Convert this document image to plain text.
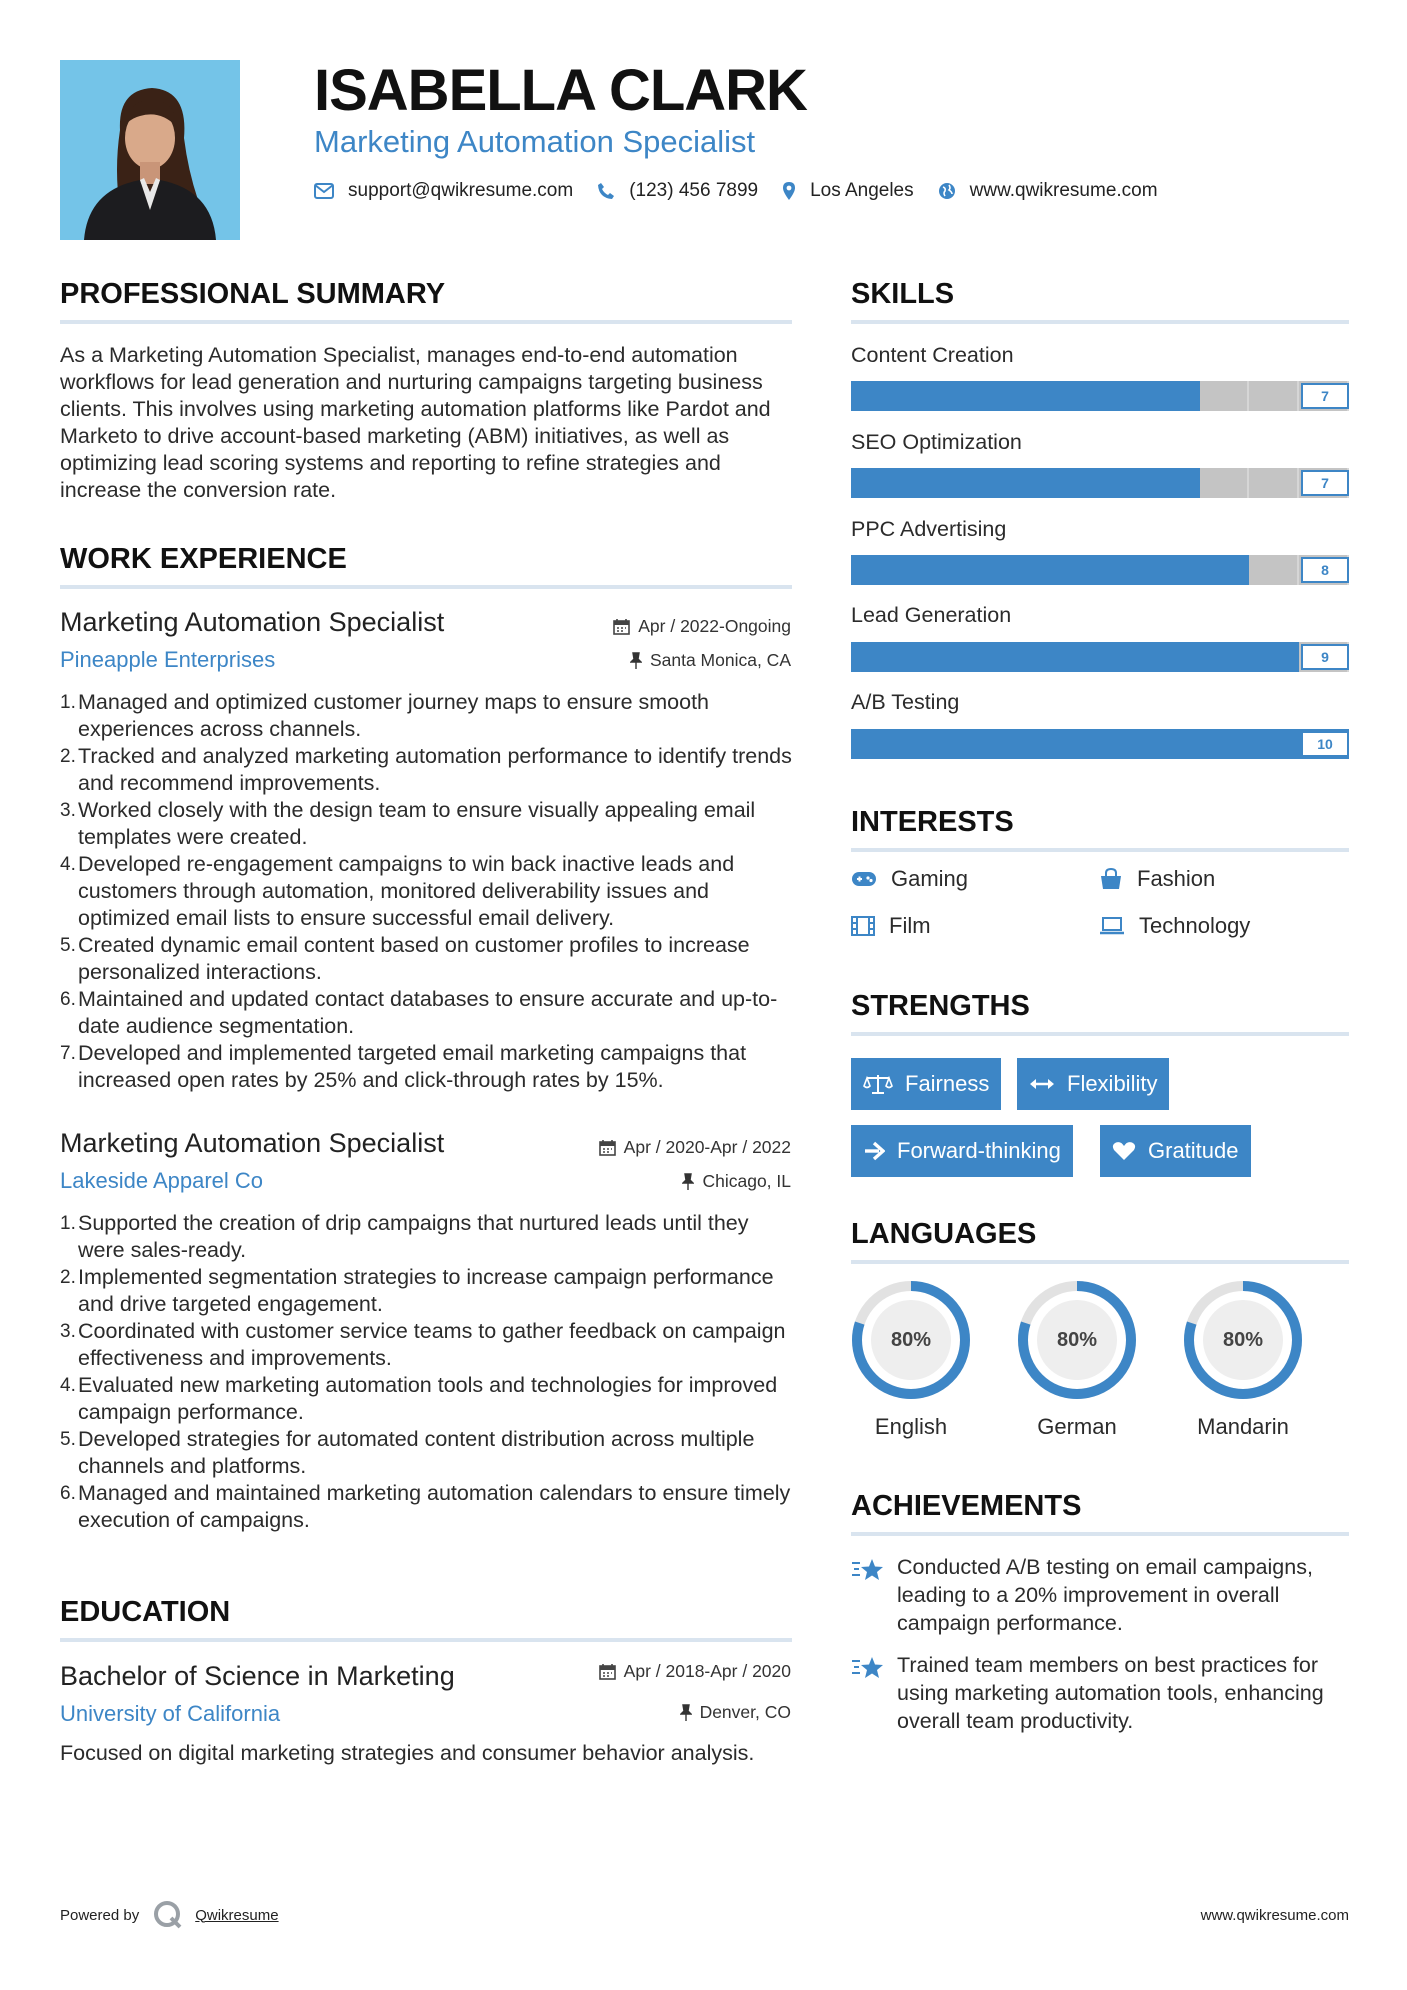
ISABELLA CLARK
Marketing Automation Specialist
support@qwikresume.com	(123) 456 7899	Los Angeles	www.qwikresume.com
PROFESSIONAL SUMMARY

As a Marketing Automation Specialist, manages end-to-end automation workflows for lead generation and nurturing campaigns targeting business clients. This involves using marketing automation platforms like Pardot and Marketo to drive account-based marketing (ABM) initiatives, as well as optimizing lead scoring systems and reporting to refine strategies and increase the conversion rate.

WORK EXPERIENCE
Marketing Automation Specialist
Pineapple Enterprises
Apr / 2022-Ongoing
Santa Monica, CA
Managed and optimized customer journey maps to ensure smooth experiences across channels.
Tracked and analyzed marketing automation performance to identify trends and recommend improvements.
Worked closely with the design team to ensure visually appealing email templates were created.
Developed re-engagement campaigns to win back inactive leads and customers through automation, monitored deliverability issues and optimized email lists to ensure successful email delivery.
Created dynamic email content based on customer profiles to increase personalized interactions.
Maintained and updated contact databases to ensure accurate and up-to-date audience segmentation.
Developed and implemented targeted email marketing campaigns that increased open rates by 25% and click-through rates by 15%.
Marketing Automation Specialist
Lakeside Apparel Co
Apr / 2020-Apr / 2022
Chicago, IL
Supported the creation of drip campaigns that nurtured leads until they were sales-ready.
Implemented segmentation strategies to increase campaign performance and drive targeted engagement.
Coordinated with customer service teams to gather feedback on campaign effectiveness and improvements.
Evaluated new marketing automation tools and technologies for improved campaign performance.
Developed strategies for automated content distribution across multiple channels and platforms.
Managed and maintained marketing automation calendars to ensure timely execution of campaigns.
EDUCATION
Bachelor of Science in Marketing
University of California
Apr / 2018-Apr / 2020
Denver, CO

Focused on digital marketing strategies and consumer behavior analysis.

SKILLS
Content Creation
7
SEO Optimization
7
PPC Advertising
8
Lead Generation
9
A/B Testing
10
INTERESTS
Gaming	Fashion
Film	Technology
STRENGTHS
Fairness	Flexibility
Forward-thinking	Gratitude
LANGUAGES
80%
English
80%
German
80%
Mandarin
ACHIEVEMENTS
Conducted A/B testing on email campaigns, leading to a 20% improvement in overall campaign performance.
Trained team members on best practices for using marketing automation tools, enhancing overall team productivity.
Powered by	Qwikresume	www.qwikresume.com
